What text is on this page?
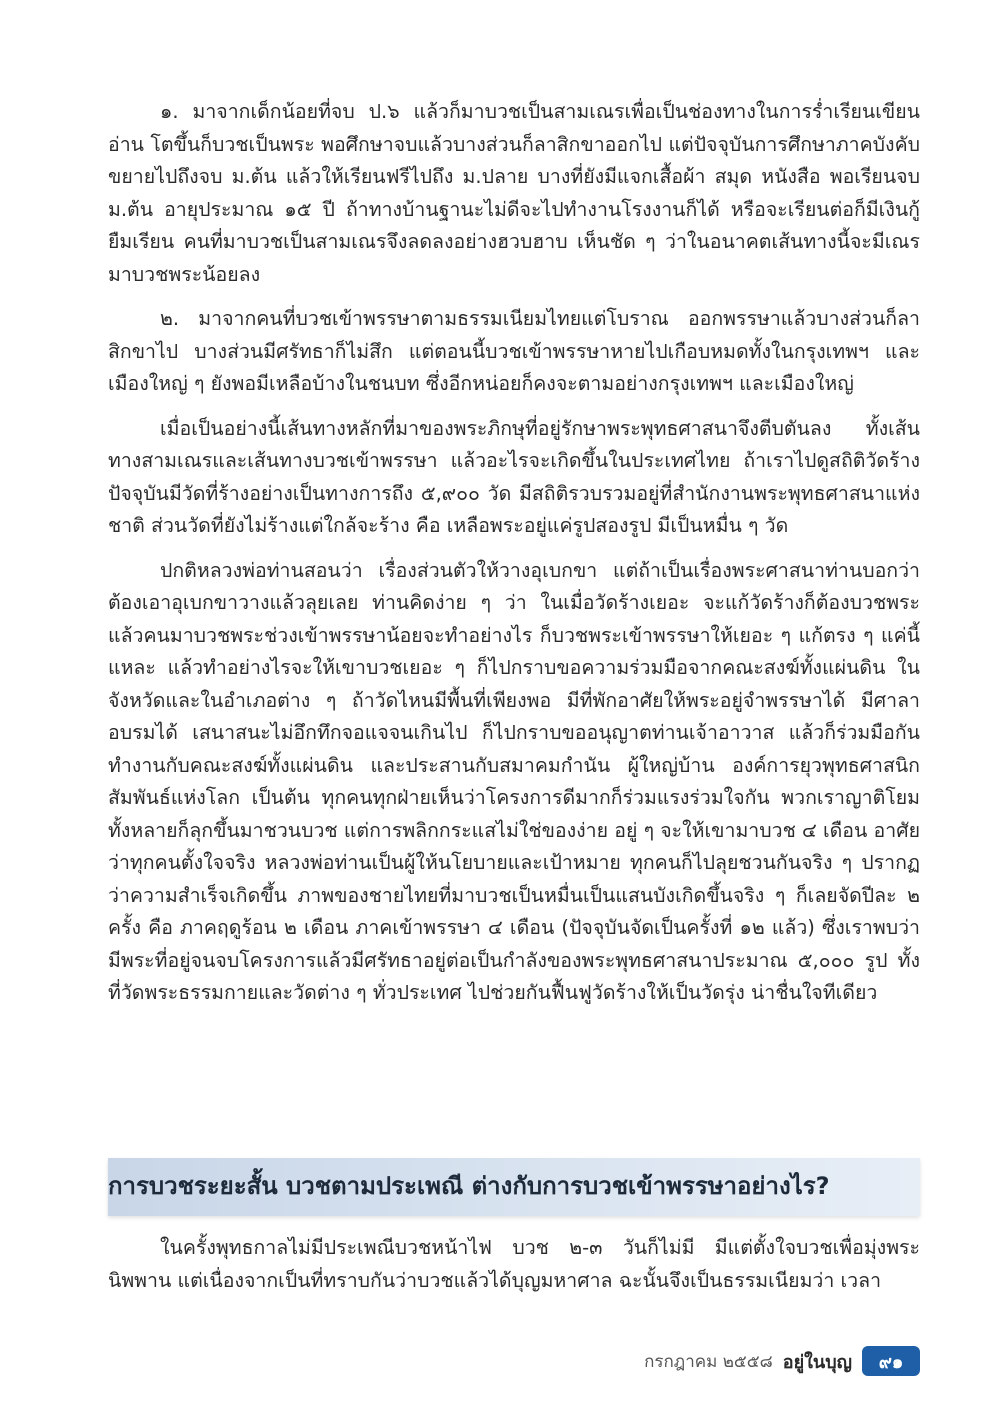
๑. มาจากเด็กน้อยที่จบ ป.๖ แล้วก็มาบวชเป็นสามเณรเพื่อเป็นช่องทางในการร่ำเรียนเขียนอ่าน โตขึ้นก็บวชเป็นพระ พอศึกษาจบแล้วบางส่วนก็ลาสิกขาออกไป แต่ปัจจุบันการศึกษาภาคบังคับขยายไปถึงจบ ม.ต้น แล้วให้เรียนฟรีไปถึง ม.ปลาย บางที่ยังมีแจกเสื้อผ้า สมุด หนังสือ พอเรียนจบ ม.ต้น อายุประมาณ ๑๕ ปี ถ้าทางบ้านฐานะไม่ดีจะไปทำงานโรงงานก็ได้ หรือจะเรียนต่อก็มีเงินกู้ยืมเรียน คนที่มาบวชเป็นสามเณรจึงลดลงอย่างฮวบฮาบ เห็นชัด ๆ ว่าในอนาคตเส้นทางนี้จะมีเณรมาบวชพระน้อยลง

๒. มาจากคนที่บวชเข้าพรรษาตามธรรมเนียมไทยแต่โบราณ ออกพรรษาแล้วบางส่วนก็ลาสิกขาไป บางส่วนมีศรัทธาก็ไม่สึก แต่ตอนนี้บวชเข้าพรรษาหายไปเกือบหมดทั้งในกรุงเทพฯ และเมืองใหญ่ ๆ ยังพอมีเหลือบ้างในชนบท ซึ่งอีกหน่อยก็คงจะตามอย่างกรุงเทพฯ และเมืองใหญ่

เมื่อเป็นอย่างนี้เส้นทางหลักที่มาของพระภิกษุที่อยู่รักษาพระพุทธศาสนาจึงตีบตันลง ทั้งเส้นทางสามเณรและเส้นทางบวชเข้าพรรษา แล้วอะไรจะเกิดขึ้นในประเทศไทย ถ้าเราไปดูสถิติวัดร้าง ปัจจุบันมีวัดที่ร้างอย่างเป็นทางการถึง ๕,๙๐๐ วัด มีสถิติรวบรวมอยู่ที่สำนักงานพระพุทธศาสนาแห่งชาติ ส่วนวัดที่ยังไม่ร้างแต่ใกล้จะร้าง คือ เหลือพระอยู่แค่รูปสองรูป มีเป็นหมื่น ๆ วัด

ปกติหลวงพ่อท่านสอนว่า เรื่องส่วนตัวให้วางอุเบกขา แต่ถ้าเป็นเรื่องพระศาสนาท่านบอกว่าต้องเอาอุเบกขาวางแล้วลุยเลย ท่านคิดง่าย ๆ ว่า ในเมื่อวัดร้างเยอะ จะแก้วัดร้างก็ต้องบวชพระ แล้วคนมาบวชพระช่วงเข้าพรรษาน้อยจะทำอย่างไร ก็บวชพระเข้าพรรษาให้เยอะ ๆ แก้ตรง ๆ แค่นี้แหละ แล้วทำอย่างไรจะให้เขาบวชเยอะ ๆ ก็ไปกราบขอความร่วมมือจากคณะสงฆ์ทั้งแผ่นดิน ในจังหวัดและในอำเภอต่าง ๆ ถ้าวัดไหนมีพื้นที่เพียงพอ มีที่พักอาศัยให้พระอยู่จำพรรษาได้ มีศาลาอบรมได้ เสนาสนะไม่อึกทึกจอแจจนเกินไป ก็ไปกราบขออนุญาตท่านเจ้าอาวาส แล้วก็ร่วมมือกันทำงานกับคณะสงฆ์ทั้งแผ่นดิน และประสานกับสมาคมกำนัน ผู้ใหญ่บ้าน องค์การยุวพุทธศาสนิกสัมพันธ์แห่งโลก เป็นต้น ทุกคนทุกฝ่ายเห็นว่าโครงการดีมากก็ร่วมแรงร่วมใจกัน พวกเราญาติโยมทั้งหลายก็ลุกขึ้นมาชวนบวช แต่การพลิกกระแสไม่ใช่ของง่าย อยู่ ๆ จะให้เขามาบวช ๔ เดือน อาศัยว่าทุกคนตั้งใจจริง หลวงพ่อท่านเป็นผู้ให้นโยบายและเป้าหมาย ทุกคนก็ไปลุยชวนกันจริง ๆ ปรากฏว่าความสำเร็จเกิดขึ้น ภาพของชายไทยที่มาบวชเป็นหมื่นเป็นแสนบังเกิดขึ้นจริง ๆ ก็เลยจัดปีละ ๒ ครั้ง คือ ภาคฤดูร้อน ๒ เดือน ภาคเข้าพรรษา ๔ เดือน (ปัจจุบันจัดเป็นครั้งที่ ๑๒ แล้ว) ซึ่งเราพบว่ามีพระที่อยู่จนจบโครงการแล้วมีศรัทธาอยู่ต่อเป็นกำลังของพระพุทธศาสนาประมาณ ๕,๐๐๐ รูป ทั้งที่วัดพระธรรมกายและวัดต่าง ๆ ทั่วประเทศ ไปช่วยกันฟื้นฟูวัดร้างให้เป็นวัดรุ่ง น่าชื่นใจทีเดียว

การบวชระยะสั้น บวชตามประเพณี ต่างกับการบวชเข้าพรรษาอย่างไร?

ในครั้งพุทธกาลไม่มีประเพณีบวชหน้าไฟ บวช ๒-๓ วันก็ไม่มี มีแต่ตั้งใจบวชเพื่อมุ่งพระนิพพาน แต่เนื่องจากเป็นที่ทราบกันว่าบวชแล้วได้บุญมหาศาล ฉะนั้นจึงเป็นธรรมเนียมว่า เวลา

กรกฎาคม ๒๕๕๘ อยู่ในบุญ	๙๑
